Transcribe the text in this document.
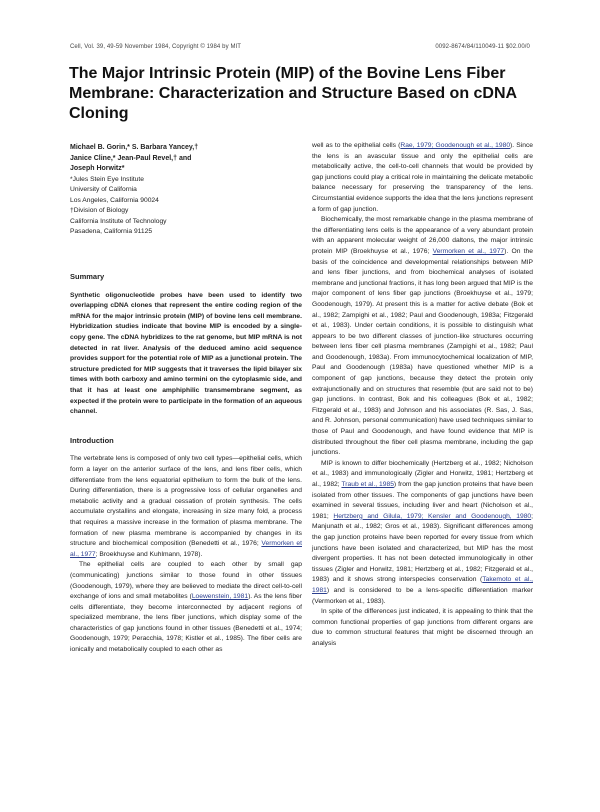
Cell, Vol. 39, 49-59 November 1984, Copyright © 1984 by MIT	0092-8674/84/110049-11 $02.00/0
The Major Intrinsic Protein (MIP) of the Bovine Lens Fiber Membrane: Characterization and Structure Based on cDNA Cloning

Michael B. Gorin,* S. Barbara Yancey,†
Janice Cline,* Jean-Paul Revel,† and
Joseph Horwitz*

*Jules Stein Eye Institute
University of California
Los Angeles, California 90024
†Division of Biology
California Institute of Technology
Pasadena, California 91125

Summary

Synthetic oligonucleotide probes have been used to identify two overlapping cDNA clones that represent the entire coding region of the mRNA for the major intrinsic protein (MIP) of bovine lens cell membrane. Hybridization studies indicate that bovine MIP is encoded by a single-copy gene. The cDNA hybridizes to the rat genome, but MIP mRNA is not detected in rat liver. Analysis of the deduced amino acid sequence provides support for the potential role of MIP as a junctional protein. The structure predicted for MIP suggests that it traverses the lipid bilayer six times with both carboxy and amino termini on the cytoplasmic side, and that it has at least one amphiphilic transmembrane segment, as expected if the protein were to participate in the formation of an aqueous channel.

Introduction

The vertebrate lens is composed of only two cell types—epithelial cells, which form a layer on the anterior surface of the lens, and lens fiber cells, which differentiate from the lens equatorial epithelium to form the bulk of the lens. During differentiation, there is a progressive loss of cellular organelles and metabolic activity and a gradual cessation of protein synthesis. The cells accumulate crystallins and elongate, increasing in size many fold, a process that requires a massive increase in the formation of plasma membrane. The formation of new plasma membrane is accompanied by changes in its structure and biochemical composition (Benedetti et al., 1976; Vermorken et al., 1977; Broekhuyse and Kuhlmann, 1978).

The epithelial cells are coupled to each other by small gap (communicating) junctions similar to those found in other tissues (Goodenough, 1979), where they are believed to mediate the direct cell-to-cell exchange of ions and small metabolites (Loewenstein, 1981). As the lens fiber cells differentiate, they become interconnected by adjacent regions of specialized membrane, the lens fiber junctions, which display some of the characteristics of gap junctions found in other tissues (Benedetti et al., 1974; Goodenough, 1979; Peracchia, 1978; Kistler et al., 1985). The fiber cells are ionically and metabolically coupled to each other as

well as to the epithelial cells (Rae, 1979; Goodenough et al., 1980). Since the lens is an avascular tissue and only the epithelial cells are metabolically active, the cell-to-cell channels that would be provided by gap junctions could play a critical role in maintaining the delicate metabolic balance necessary for preserving the transparency of the lens. Circumstantial evidence supports the idea that the lens junctions represent a form of gap junction.

Biochemically, the most remarkable change in the plasma membrane of the differentiating lens cells is the appearance of a very abundant protein with an apparent molecular weight of 26,000 daltons, the major intrinsic protein MIP (Broekhuyse et al., 1976; Vermorken et al., 1977). On the basis of the coincidence and developmental relationships between MIP and lens fiber junctions, and from biochemical analyses of isolated membrane and junctional fractions, it has long been argued that MIP is the major component of lens fiber gap junctions (Broekhuyse et al., 1979; Goodenough, 1979). At present this is a matter for active debate (Bok et al., 1982; Zampighi et al., 1982; Paul and Goodenough, 1983a; Fitzgerald et al., 1983). Under certain conditions, it is possible to distinguish what appears to be two different classes of junction-like structures occurring between lens fiber cell plasma membranes (Zampighi et al., 1982; Paul and Goodenough, 1983a). From immunocytochemical localization of MIP, Paul and Goodenough (1983a) have questioned whether MIP is a component of gap junctions, because they detect the protein only extrajunctionally and on structures that resemble (but are said not to be) gap junctions. In contrast, Bok and his colleagues (Bok et al., 1982; Fitzgerald et al., 1983) and Johnson and his associates (R. Sas, J. Sas, and R. Johnson, personal communication) have used techniques similar to those of Paul and Goodenough, and have found evidence that MIP is distributed throughout the fiber cell plasma membrane, including the gap junctions.

MIP is known to differ biochemically (Hertzberg et al., 1982; Nicholson et al., 1983) and immunologically (Zigler and Horwitz, 1981; Hertzberg et al., 1982; Traub et al., 1985) from the gap junction proteins that have been isolated from other tissues. The components of gap junctions have been examined in several tissues, including liver and heart (Nicholson et al., 1981; Hertzberg and Gilula, 1979; Kensler and Goodenough, 1980; Manjunath et al., 1982; Gros et al., 1983). Significant differences among the gap junction proteins have been reported for every tissue from which junctions have been isolated and characterized, but MIP has the most divergent properties. It has not been detected immunologically in other tissues (Zigler and Horwitz, 1981; Hertzberg et al., 1982; Fitzgerald et al., 1983) and it shows strong interspecies conservation (Takemoto et al., 1981) and is considered to be a lens-specific differentiation marker (Vermorken et al., 1983).

In spite of the differences just indicated, it is appealing to think that the common functional properties of gap junctions from different organs are due to common structural features that might be discerned through an analysis
